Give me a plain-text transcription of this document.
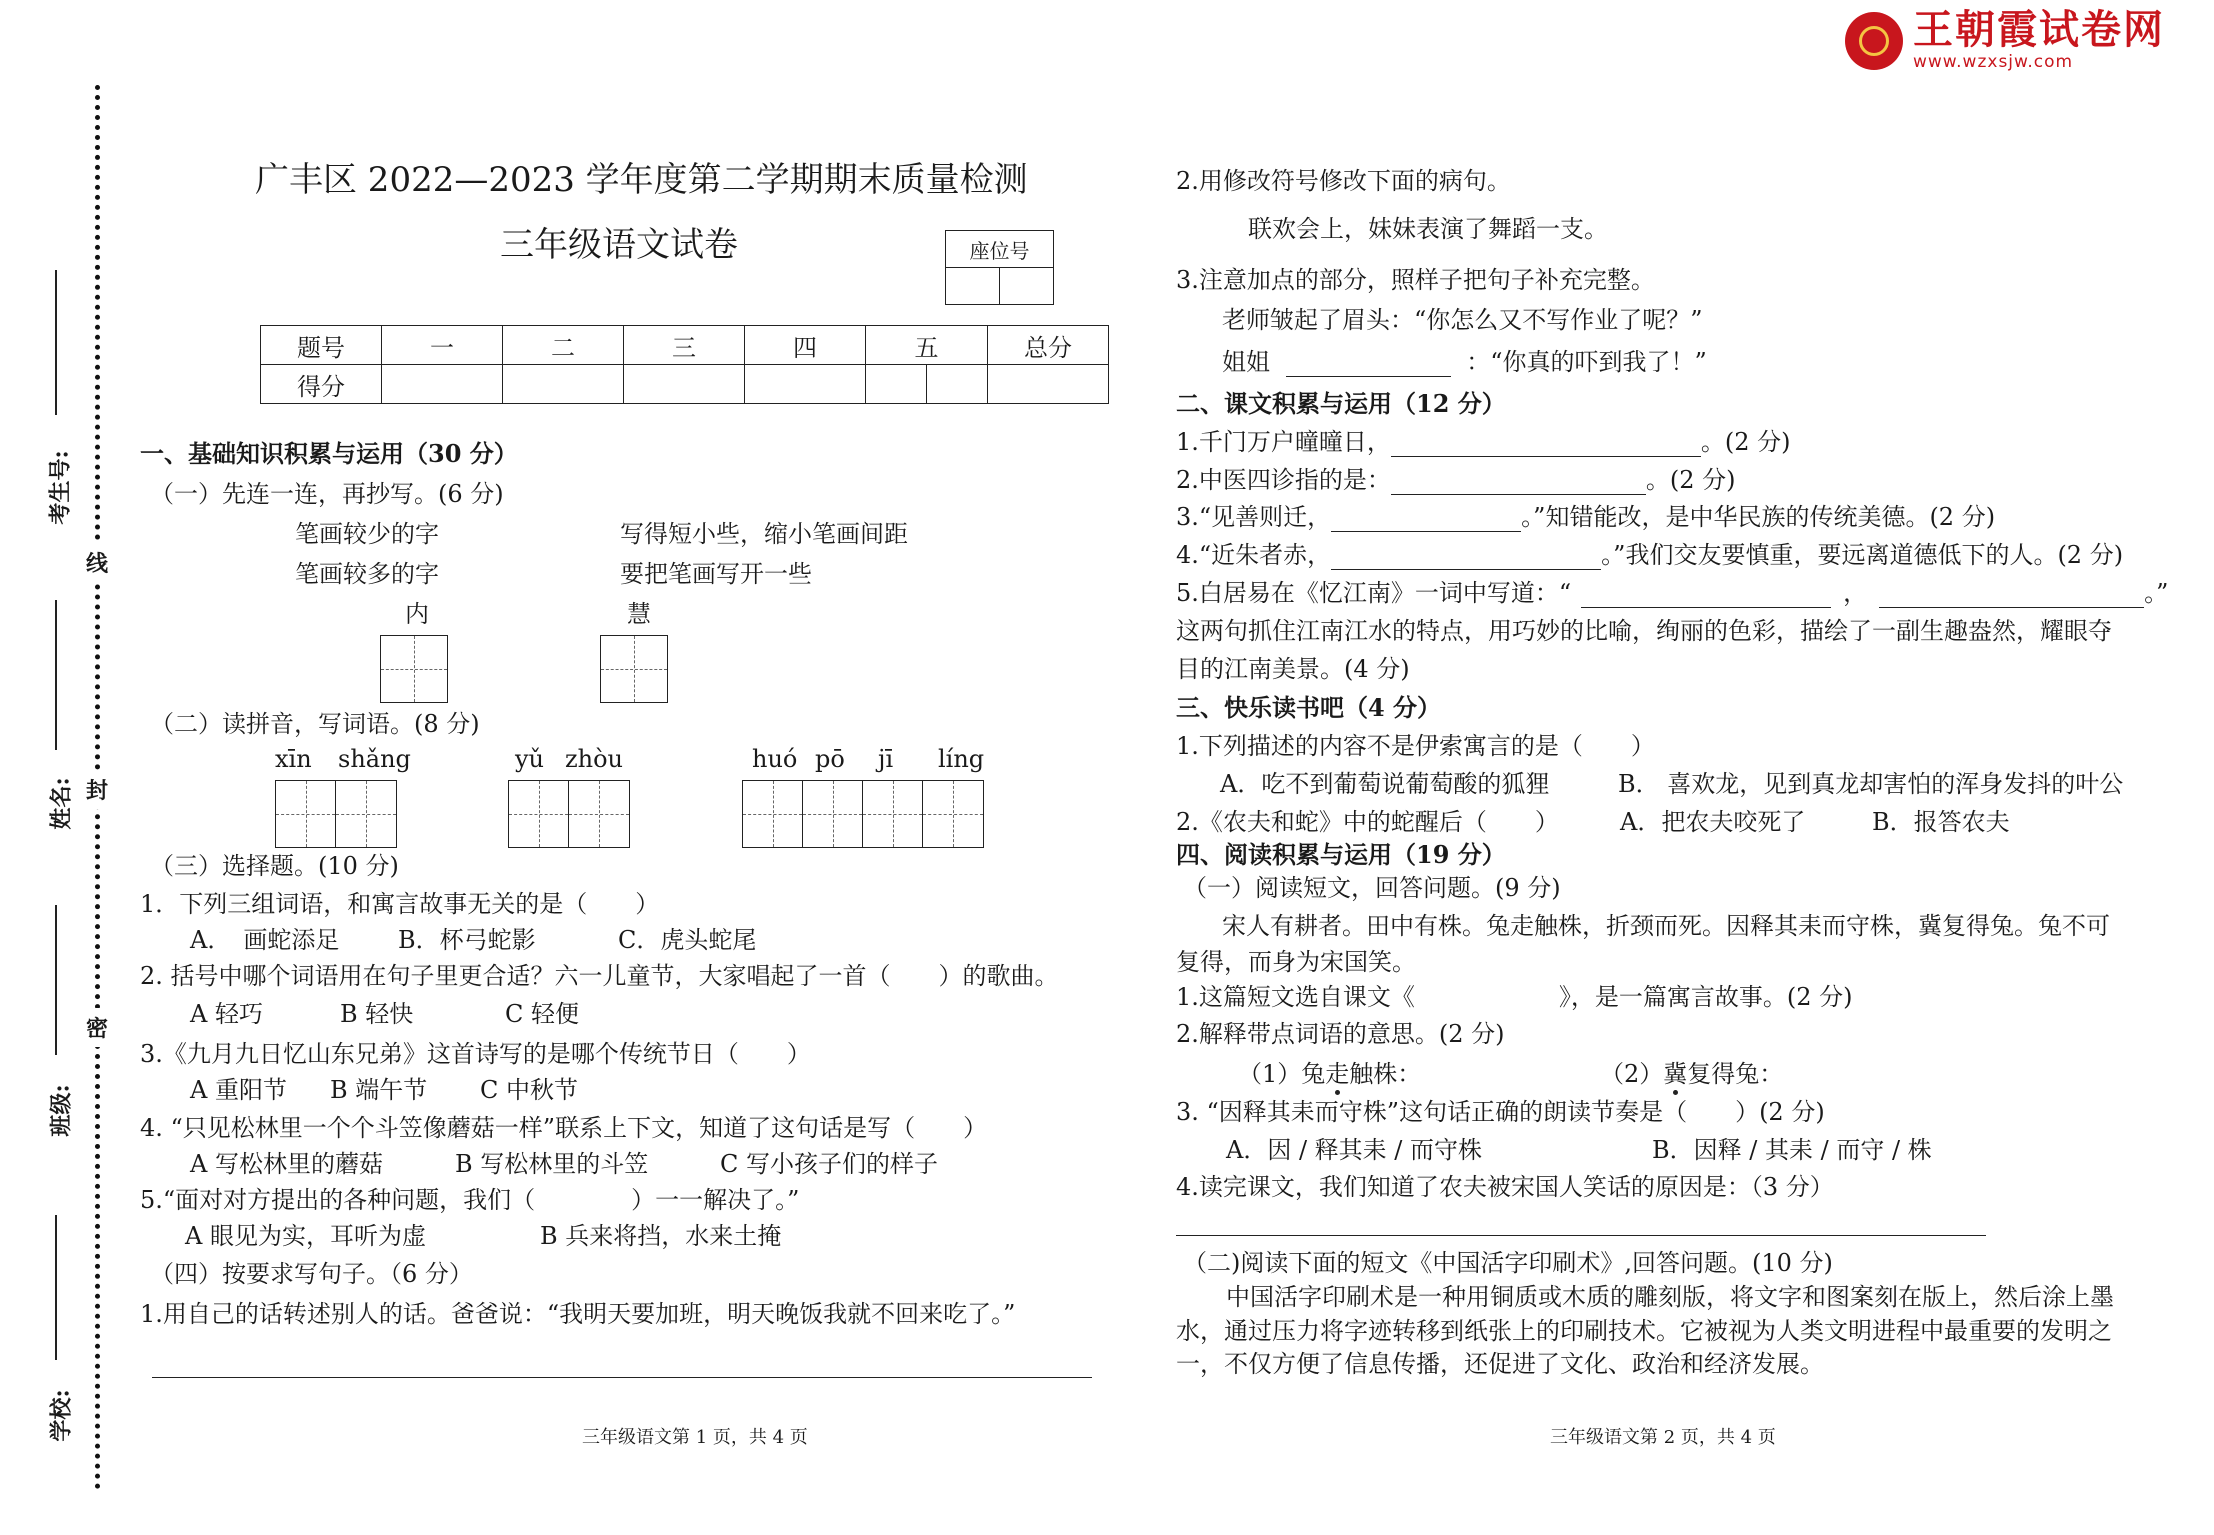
王朝霞试卷网
www.wzxsjw.com
考生号:
姓名:
班级:
学校:
线
封
密
广丰区 2022—2023 学年度第二学期期末质量检测
三年级语文试卷	座位号

题号	一	二	三	四	五		总分
得分							
一、基础知识积累与运用（30 分）
（一）先连一连，再抄写。(6 分)
笔画较少的字	写得短小些，缩小笔画间距
笔画较多的字	要把笔画写开一些
内	慧
（二）读拼音，写词语。(8 分)
xīn shǎng	yǔ zhòu	huó pō jī líng
（三）选择题。(10 分)
1．下列三组词语，和寓言故事无关的是（　　）
A．　画蛇添足 B．杯弓蛇影	C．虎头蛇尾
2. 括号中哪个词语用在句子里更合适？六一儿童节，大家唱起了一首（　　）的歌曲。
A 轻巧	B 轻快	C 轻便
3.《九月九日忆山东兄弟》这首诗写的是哪个传统节日（　　）
A 重阳节 B 端午节 C 中秋节
4. “只见松林里一个个斗笠像蘑菇一样”联系上下文，知道了这句话是写（　　）
A 写松林里的蘑菇	B 写松林里的斗笠	C 写小孩子们的样子
5.“面对对方提出的各种问题，我们（　　　　）一一解决了。”
A 眼见为实，耳听为虚	B 兵来将挡，水来土掩
（四）按要求写句子。（6 分）
1.用自己的话转述别人的话。爸爸说：“我明天要加班，明天晚饭我就不回来吃了。”
2.用修改符号修改下面的病句。
联欢会上，妹妹表演了舞蹈一支。
3.注意加点的部分，照样子把句子补充完整。
老师皱起了眉头：“你怎么又不写作业了呢？”
姐姐	：“你真的吓到我了！”
二、课文积累与运用（12 分）
1.千门万户曈曈日，	。(2 分)
2.中医四诊指的是：	。(2 分)
3.“见善则迁，	。”知错能改，是中华民族的传统美德。(2 分)
4.“近朱者赤，	。”我们交友要慎重，要远离道德低下的人。(2 分)
5.白居易在《忆江南》一词中写道：“	，	。”
这两句抓住江南江水的特点，用巧妙的比喻，绚丽的色彩，描绘了一副生趣盎然，耀眼夺
目的江南美景。(4 分)
三、快乐读书吧（4 分）
1.下列描述的内容不是伊索寓言的是（　　）
A．吃不到葡萄说葡萄酸的狐狸	B． 喜欢龙，见到真龙却害怕的浑身发抖的叶公
2.《农夫和蛇》中的蛇醒后（　　）	A．把农夫咬死了	B．报答农夫
四、阅读积累与运用（19 分）
（一）阅读短文，回答问题。(9 分)
宋人有耕者。田中有株。兔走触株，折颈而死。因释其耒而守株，冀复得兔。兔不可
复得，而身为宋国笑。
1.这篇短文选自课文《　　　　　　》，是一篇寓言故事。(2 分)
2.解释带点词语的意思。(2 分)
（1）兔走触株：	（2）冀复得兔：
3. “因释其耒而守株”这句话正确的朗读节奏是（　　）(2 分)
A．因 / 释其耒 / 而守株	B．因释 / 其耒 / 而守 / 株
4.读完课文，我们知道了农夫被宋国人笑话的原因是：（3 分）
（二)阅读下面的短文《中国活字印刷术》,回答问题。(10 分)
中国活字印刷术是一种用铜质或木质的雕刻版，将文字和图案刻在版上，然后涂上墨
水，通过压力将字迹转移到纸张上的印刷技术。它被视为人类文明进程中最重要的发明之
一，不仅方便了信息传播，还促进了文化、政治和经济发展。
三年级语文第 1 页，共 4 页	三年级语文第 2 页，共 4 页
